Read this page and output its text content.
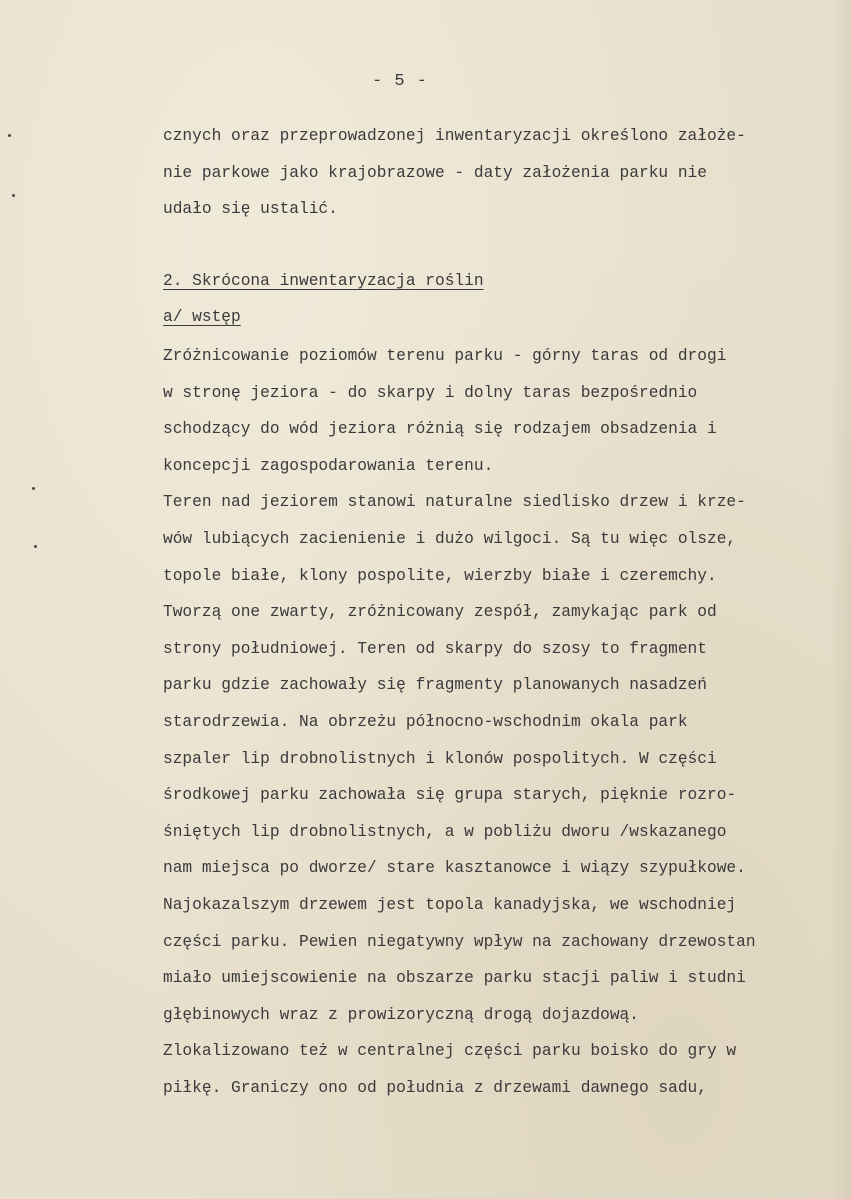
- 5 -
cznych oraz przeprowadzonej inwentaryzacji określono założe-
nie parkowe jako krajobrazowe - daty założenia parku nie
udało się ustalić.
2. Skrócona inwentaryzacja roślin
a/ wstęp
Zróżnicowanie poziomów terenu parku - górny taras od drogi
w stronę jeziora - do skarpy i dolny taras bezpośrednio
schodzący do wód jeziora różnią się rodzajem obsadzenia i
koncepcji zagospodarowania terenu.
Teren nad jeziorem stanowi naturalne siedlisko drzew i krze-
wów lubiących zacienienie i dużo wilgoci. Są tu więc olsze,
topole białe, klony pospolite, wierzby białe i czeremchy.
Tworzą one zwarty, zróżnicowany zespół, zamykając park od
strony południowej. Teren od skarpy do szosy to fragment
parku gdzie zachowały się fragmenty planowanych nasadzeń
starodrzewia. Na obrzeżu północno-wschodnim okala park
szpaler lip drobnolistnych i klonów pospolitych. W części
środkowej parku zachowała się grupa starych, pięknie rozro-
śniętych lip drobnolistnych, a w pobliżu dworu /wskazanego
nam miejsca po dworze/ stare kasztanowce i wiązy szypułkowe.
Najokazalszym drzewem jest topola kanadyjska, we wschodniej
części parku. Pewien niegatywny wpływ na zachowany drzewostan
miało umiejscowienie na obszarze parku stacji paliw i studni
głębinowych wraz z prowizoryczną drogą dojazdową.
Zlokalizowano też w centralnej części parku boisko do gry w
piłkę. Graniczy ono od południa z drzewami dawnego sadu,
